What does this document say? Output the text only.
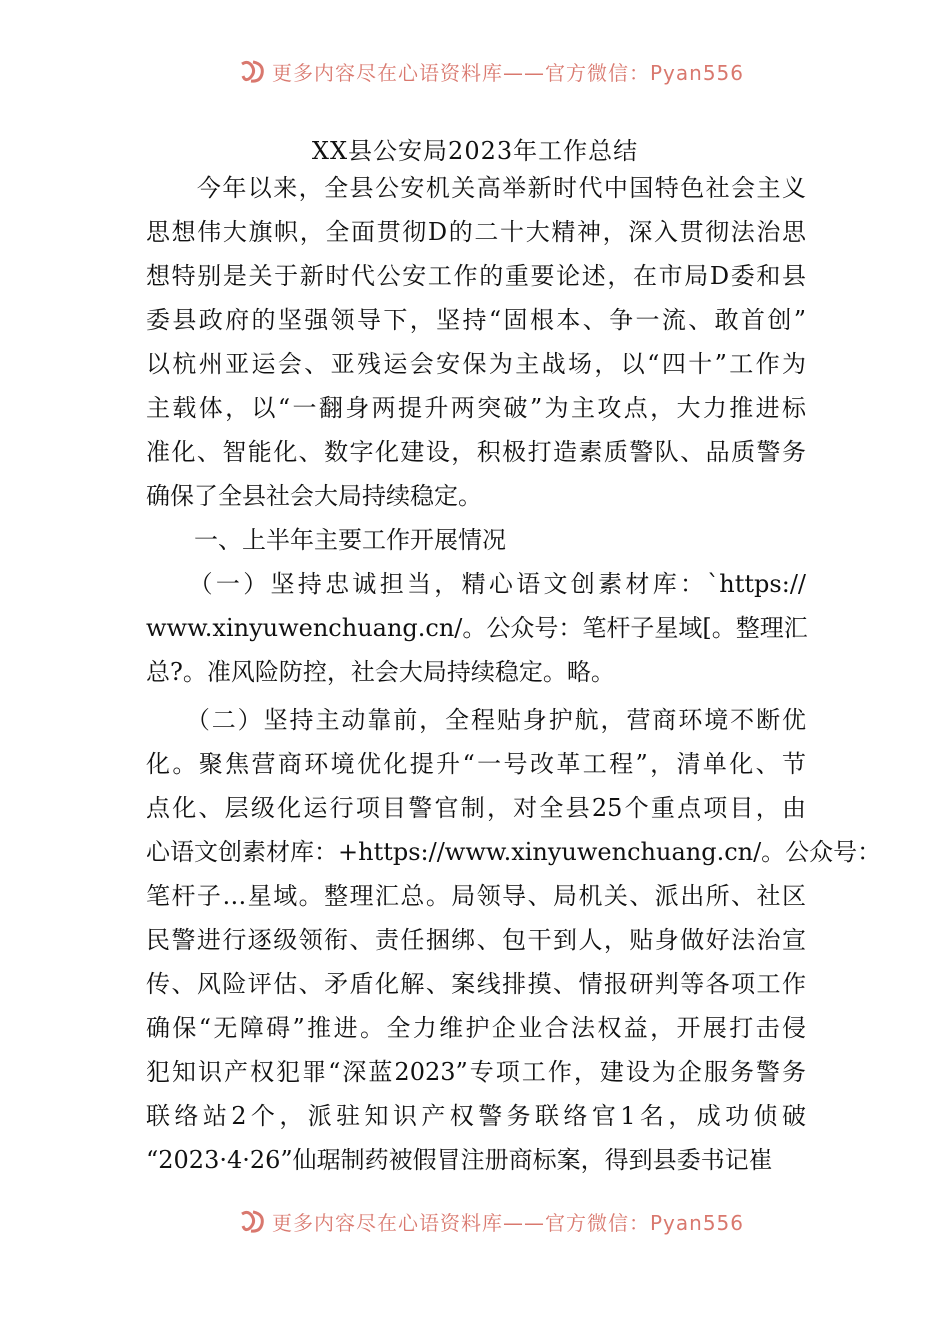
更多内容尽在心语资料库——官方微信：Pyan556
XX县公安局2023年工作总结
　　今年以来，全县公安机关高举新时代中国特色社会主义
思想伟大旗帜，全面贯彻D的二十大精神，深入贯彻法治思
想特别是关于新时代公安工作的重要论述，在市局D委和县
委县政府的坚强领导下，坚持“固根本、争一流、敢首创”
以杭州亚运会、亚残运会安保为主战场，以“四十”工作为
主载体，以“一翻身两提升两突破”为主攻点，大力推进标
准化、智能化、数字化建设，积极打造素质警队、品质警务
确保了全县社会大局持续稳定。
　　一、上半年主要工作开展情况
　　（一）坚持忠诚担当，精心语文创素材库：`https://
www.xinyuwenchuang.cn/。公众号：笔杆子星域[。整理汇
总?。准风险防控，社会大局持续稳定。略。
　　（二）坚持主动靠前，全程贴身护航，营商环境不断优
化。聚焦营商环境优化提升“一号改革工程”，清单化、节
点化、层级化运行项目警官制，对全县25个重点项目，由
心语文创素材库：+https://www.xinyuwenchuang.cn/。公众号：
笔杆子…星域。整理汇总。局领导、局机关、派出所、社区
民警进行逐级领衔、责任捆绑、包干到人，贴身做好法治宣
传、风险评估、矛盾化解、案线排摸、情报研判等各项工作
确保“无障碍”推进。全力维护企业合法权益，开展打击侵
犯知识产权犯罪“深蓝2023”专项工作，建设为企服务警务
联络站2个，派驻知识产权警务联络官1名，成功侦破
“2023·4·26”仙琚制药被假冒注册商标案，得到县委书记崔
更多内容尽在心语资料库——官方微信：Pyan556
